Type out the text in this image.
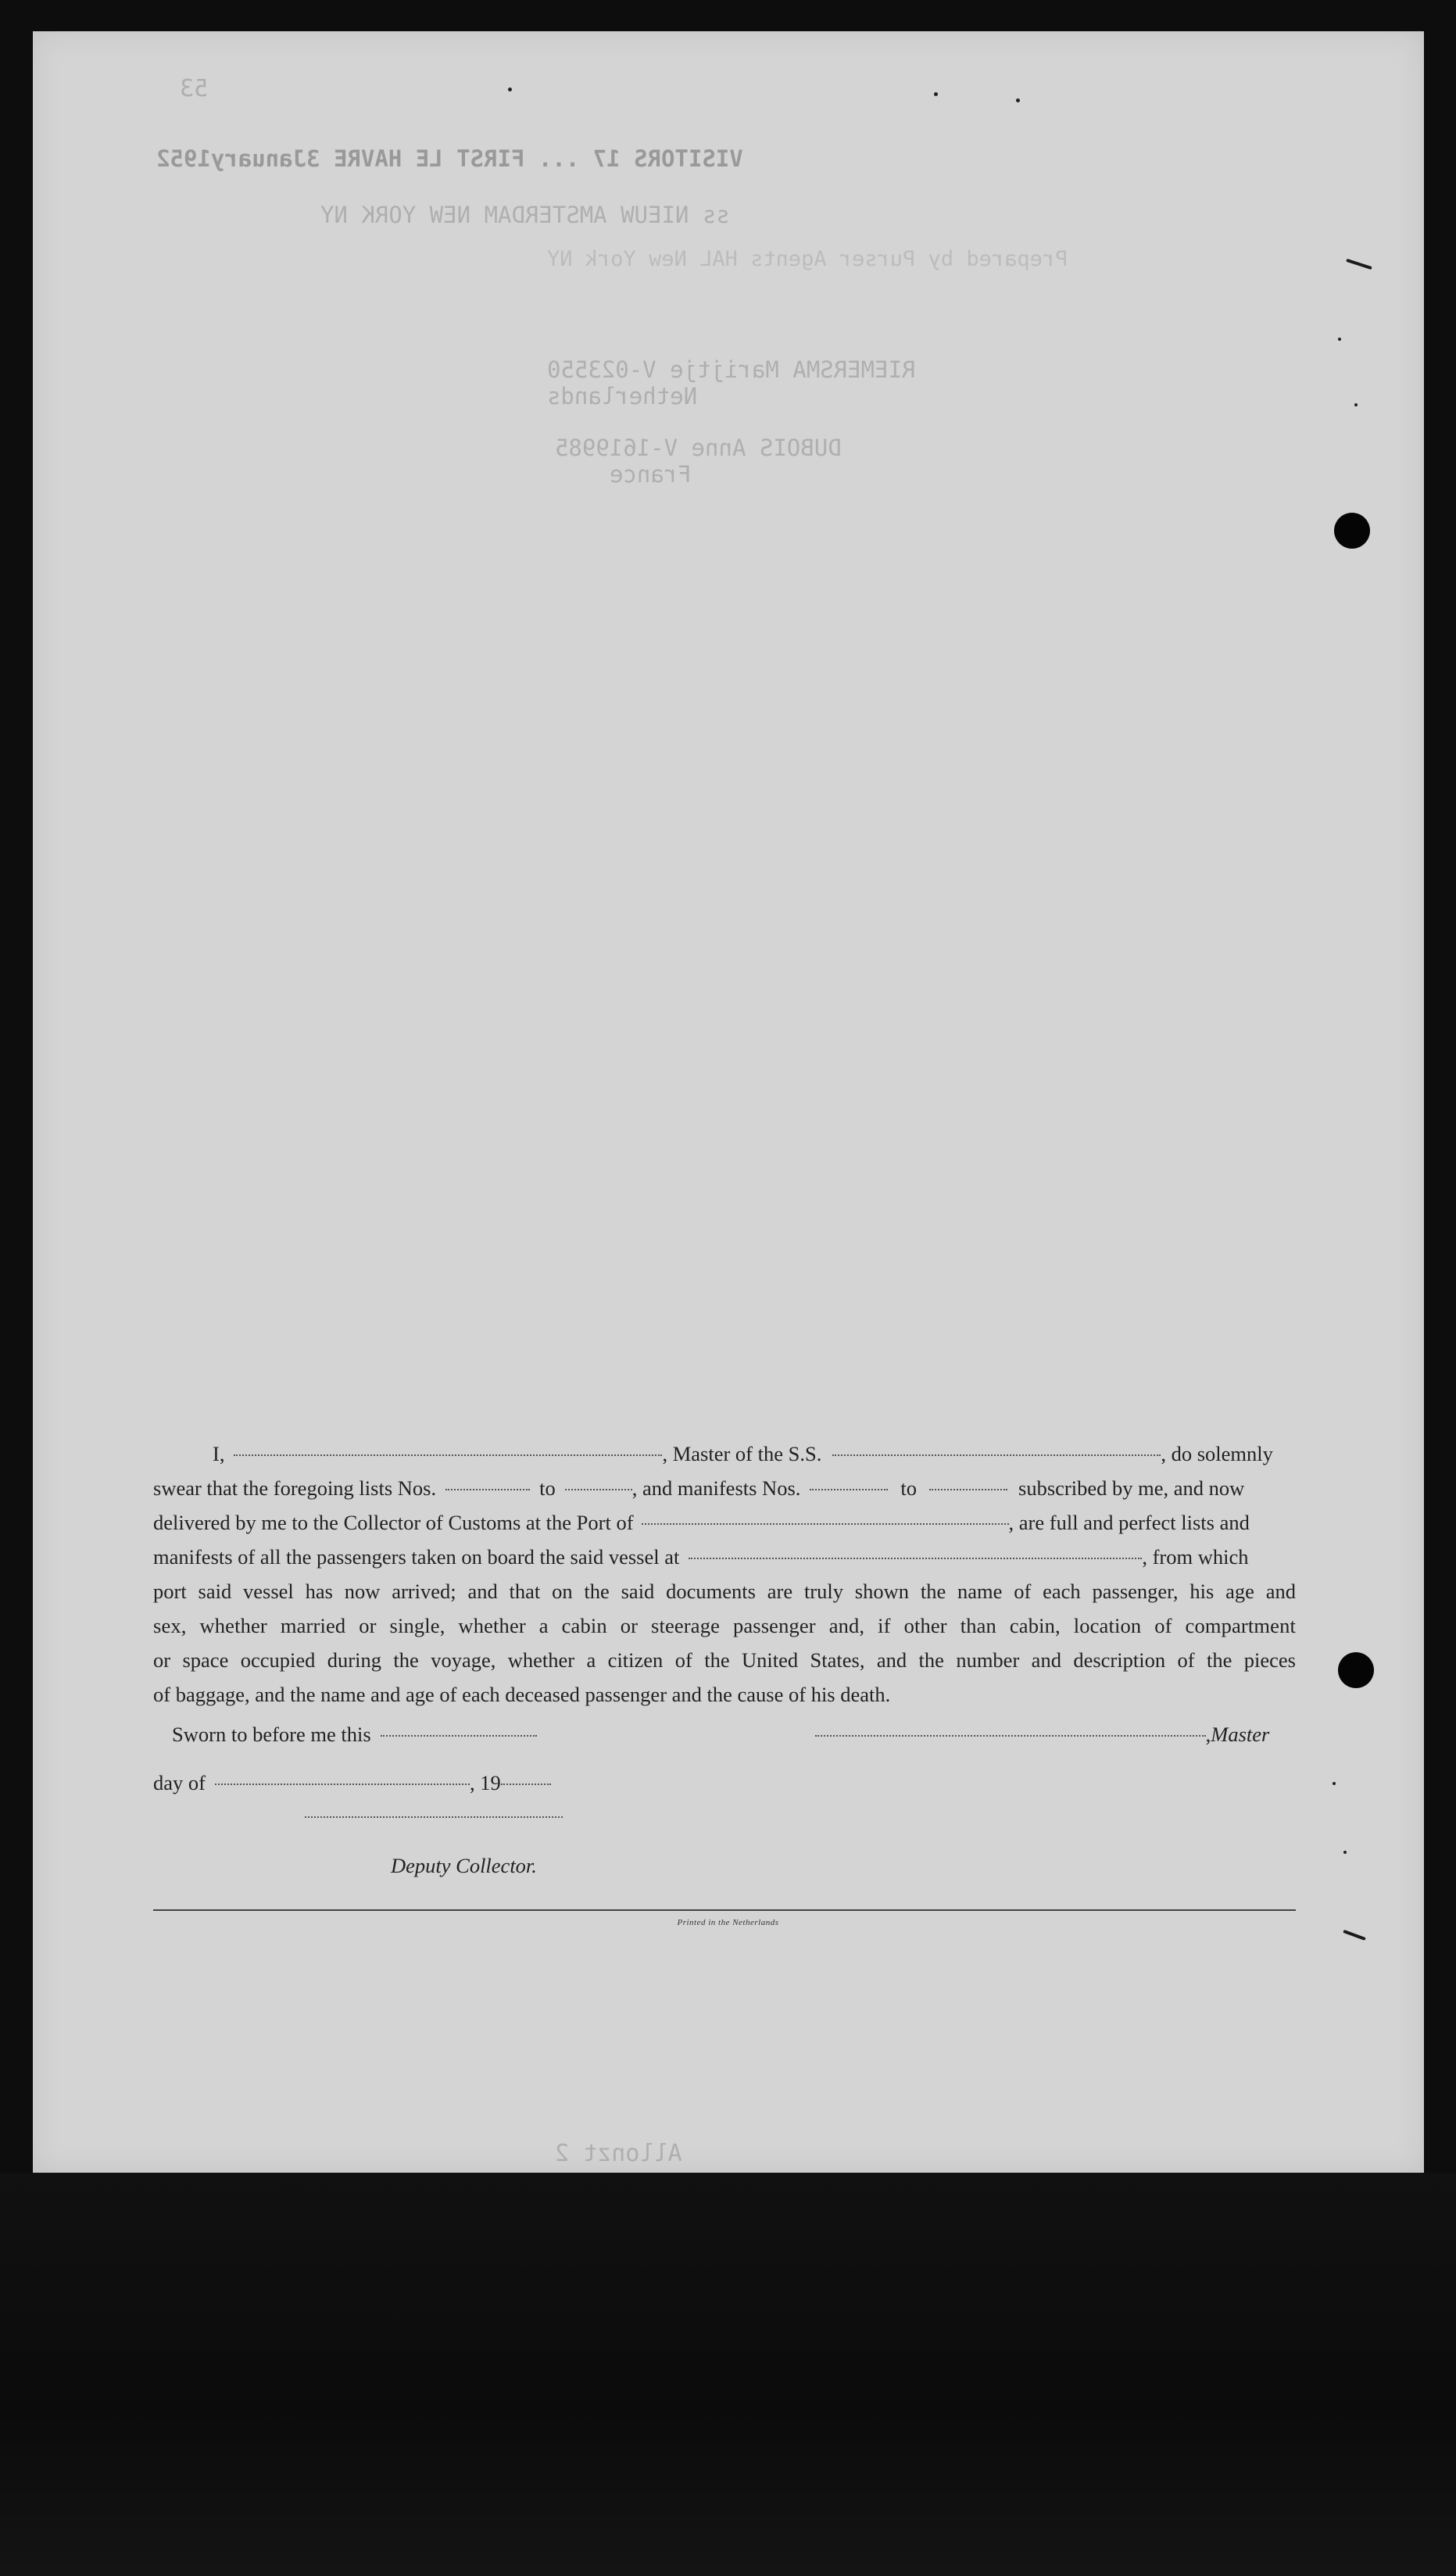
53
VISITORS 17 ... FIRST LE HAVRE 3January1952
ss NIEUW AMSTERDAM NEW YORK NY
Prepared by Purser Agents HAL New York NY
RIEMERSMA Marijtje V-023550
Netherlands
DUBOIS Anne V-1619985
France
Allonzt 2
I,	, Master of the S.S.	, do solemnly
swear that the foregoing lists Nos.	to	, and manifests Nos.	to	subscribed by me, and now
delivered by me to the Collector of Customs at the Port of	, are full and perfect lists and
manifests of all the passengers taken on board the said vessel at	, from which
port said vessel has now arrived; and that on the said documents are truly shown the name of each passenger, his age and
sex, whether married or single, whether a cabin or steerage passenger and, if other than cabin, location of compartment
or space occupied during the voyage, whether a citizen of the United States, and the number and description of the pieces
of baggage, and the name and age of each deceased passenger and the cause of his death.
Sworn to before me this	, Master
day of	, 19
Deputy Collector.
Printed in the Netherlands
